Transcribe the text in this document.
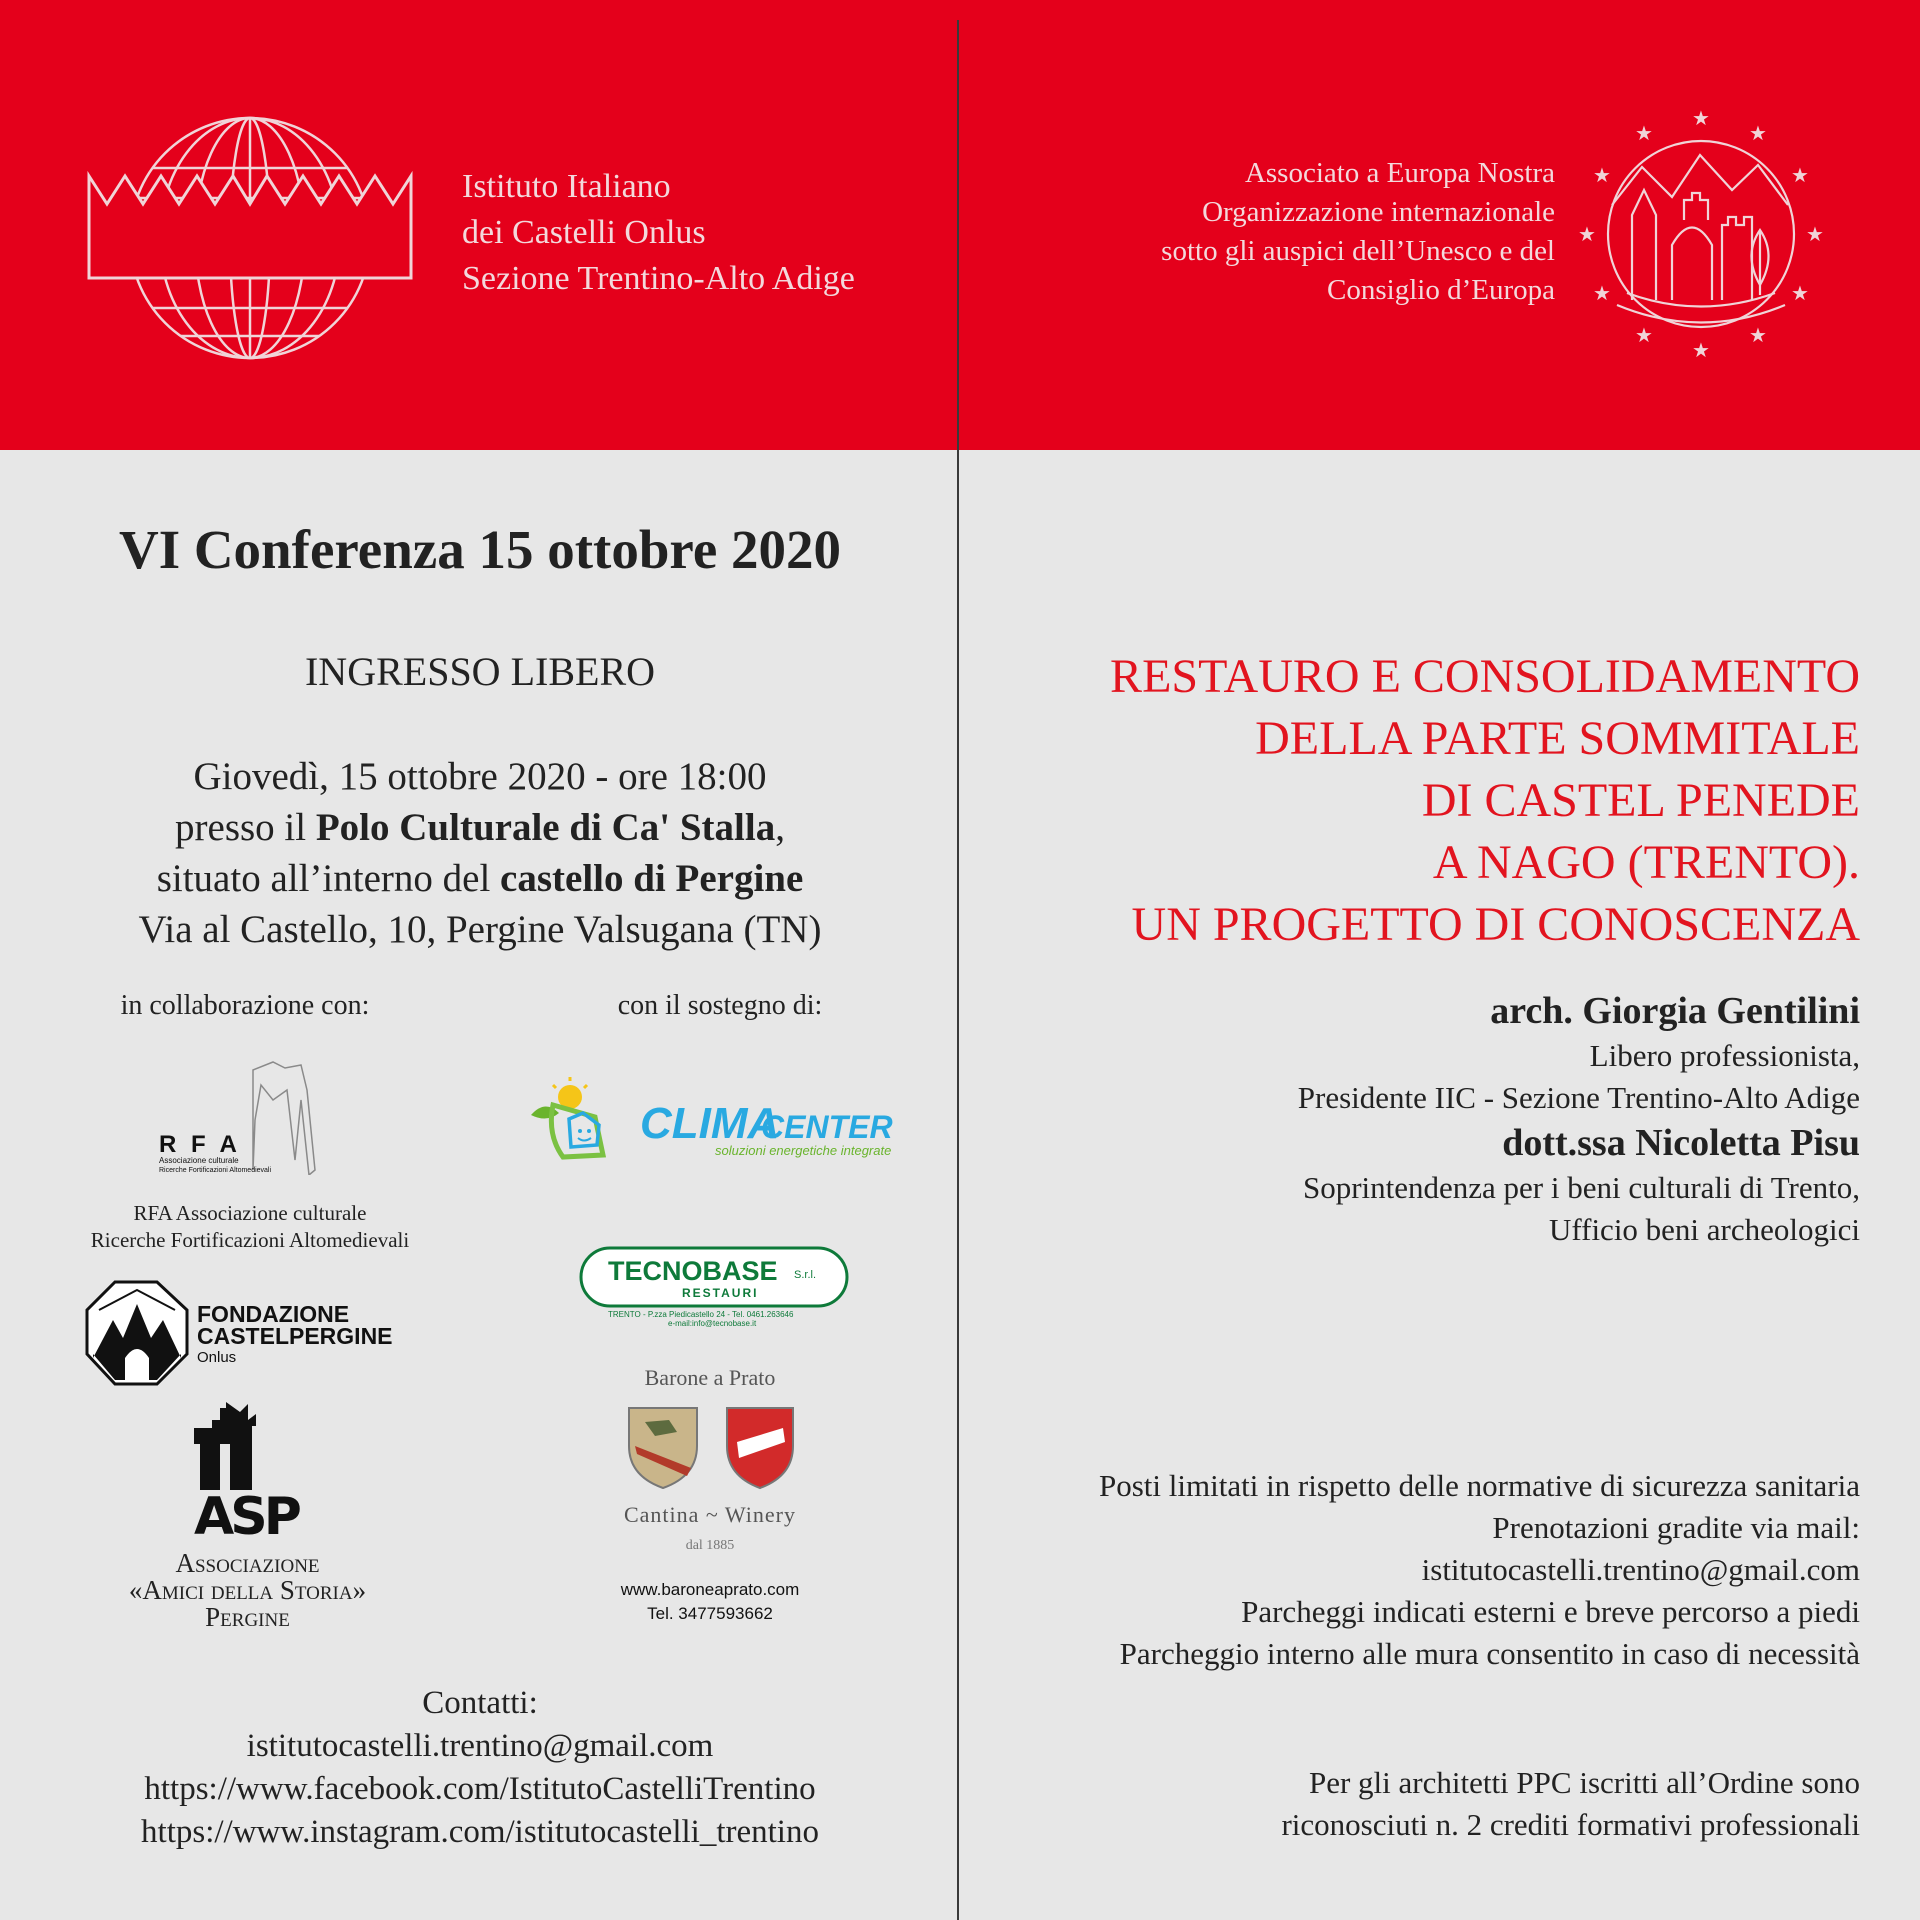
Istituto Italiano
dei Castelli Onlus
Sezione Trentino-Alto Adige
Associato a Europa Nostra
Organizzazione internazionale
sotto gli auspici dell’Unesco e del
Consiglio d’Europa
★
★
★
★
★
★
★
★
★
★
★
★
VI Conferenza 15 ottobre 2020
INGRESSO LIBERO
Giovedì, 15 ottobre 2020 - ore 18:00
presso il Polo Culturale di Ca' Stalla,
situato all’interno del castello di Pergine
Via al Castello, 10, Pergine Valsugana (TN)
in collaborazione con:	con il sostegno di:
R F A
Associazione culturale
Ricerche Fortificazioni Altomedievali
RFA Associazione culturale
Ricerche Fortificazioni Altomedievali
FONDAZIONE
CASTELPERGINE
Onlus
ASP
Associazione
«Amici della Storia»
Pergine
CLIMA
CENTER
soluzioni energetiche integrate
TECNOBASE S.r.l.
RESTAURI
TRENTO - P.zza Piedicastello 24 - Tel. 0461.263646
e-mail:info@tecnobase.it
Barone a Prato
Cantina ~ Winery
dal 1885
www.baroneaprato.com
Tel. 3477593662
Contatti:
istitutocastelli.trentino@gmail.com
https://www.facebook.com/IstitutoCastelliTrentino
https://www.instagram.com/istitutocastelli_trentino
RESTAURO E CONSOLIDAMENTO
DELLA PARTE SOMMITALE
DI CASTEL PENEDE
A NAGO (TRENTO).
UN PROGETTO DI CONOSCENZA
arch. Giorgia Gentilini
Libero professionista,
Presidente IIC - Sezione Trentino-Alto Adige
dott.ssa Nicoletta Pisu
Soprintendenza per i beni culturali di Trento,
Ufficio beni archeologici
Posti limitati in rispetto delle normative di sicurezza sanitaria
Prenotazioni gradite via mail:
istitutocastelli.trentino@gmail.com
Parcheggi indicati esterni e breve percorso a piedi
Parcheggio interno alle mura consentito in caso di necessità
Per gli architetti PPC iscritti all’Ordine sono
riconosciuti n. 2 crediti formativi professionali
